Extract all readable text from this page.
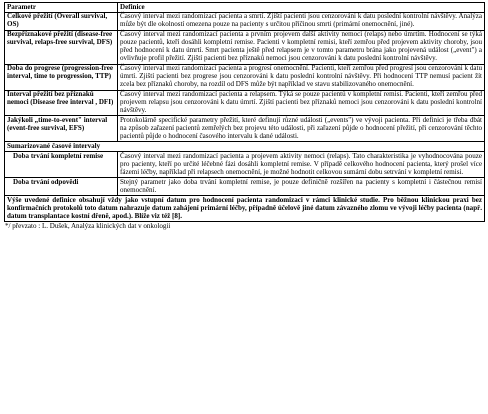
Parametr	Definice
Celkové přežití (Overall survival, OS)	Časový interval mezi randomizací pacienta a smrtí. Zjiští pacienti jsou cenzorováni k datu poslední kontrolní návštěvy. Analýza může být dle okolností omezena pouze na pacienty s určitou příčinou smrti (primární onemocnění, jiné).
Bezpříznakové přežití (disease-free survival, relaps-free survival, DFS)	Časový interval mezi randomizací pacienta a prvním projevem další aktivity nemoci (relaps) nebo úmrtím. Hodnocení se týká pouze pacientů, kteří dosáhli kompletní remise. Pacienti v kompletní remisi, kteří zemřou před projevem aktivity choroby, jsou před hodnocení k datu úmrtí. Smrt pacienta ještě před relapsem je v tomto parametru brána jako projevená událost („event") a ovlivňuje profil přežití. Zjiští pacienti bez příznaků nemoci jsou cenzorováni k datu poslední kontrolní návštěvy.
Doba do progrese (progression-free interval, time to progression, TTP)	Časový interval mezi randomizací pacienta a progresí onemocnění. Pacienti, kteří zemřou před progresí jsou cenzorováni k datu úmrtí. Zjiští pacienti bez progrese jsou cenzorováni k datu poslední kontrolní návštěvy. Při hodnocení TTP nemusí pacient žít zcela bez příznaků choroby, na rozdíl od DFS může být například ve stavu stabilizovaného onemocnění.
Interval přežití bez příznaků nemoci (Disease free interval , DFI)	Časový interval mezi randomizací pacienta a relapsem. Týká se pouze pacientů v kompletní remisi. Pacienti, kteří zemřou před projevem relapsu jsou cenzorováni k datu úmrtí. Zjiští pacienti bez příznaků nemoci jsou cenzorováni k datu poslední kontrolní návštěvy.
Jakýkoli „time-to-event" interval (event-free survival, EFS)	Protokolárně specifické parametry přežití, které definují různé události („events") ve vývoji pacienta. Při definici je třeba dbát na způsob zařazení pacientů zemřelých bez projevu této události, při zařazení půjde o hodnocení přežití, při cenzorování těchto pacientů půjde o hodnocení časového intervalu k dané události.
Sumarizované časové intervaly	
Doba trvání kompletní remise	Časový interval mezi randomizací pacienta a projevem aktivity nemoci (relaps). Tato charakteristika je vyhodnocována pouze pro pacienty, kteří po určité léčebné fázi dosáhli kompletní remise. V případě celkového hodnocení pacienta, který prošel více fázemi léčby, například při relapsech onemocnění, je možné hodnotit celkovou sumární dobu setrvání v kompletní remisi.
Doba trvání odpovědi	Stejný parametr jako doba trvání kompletní remise, je pouze definičně rozšířen na pacienty s kompletní i částečnou remisí onemocnění.
Výše uvedené definice obsahují vždy jako vstupní datum pro hodnocení pacienta randomizaci v rámci klinické studie. Pro běžnou klinickou praxi bez konfirmačních protokolů toto datum nahrazuje datum zahájení primární léčby, případně účelově jiné datum závazného zlomu ve vývoji léčby pacienta (např. datum transplantace kostní dřeně, apod.). Blíže viz též [8].	
*/ převzato : L. Dušek, Analýza klinických dat v onkologii
